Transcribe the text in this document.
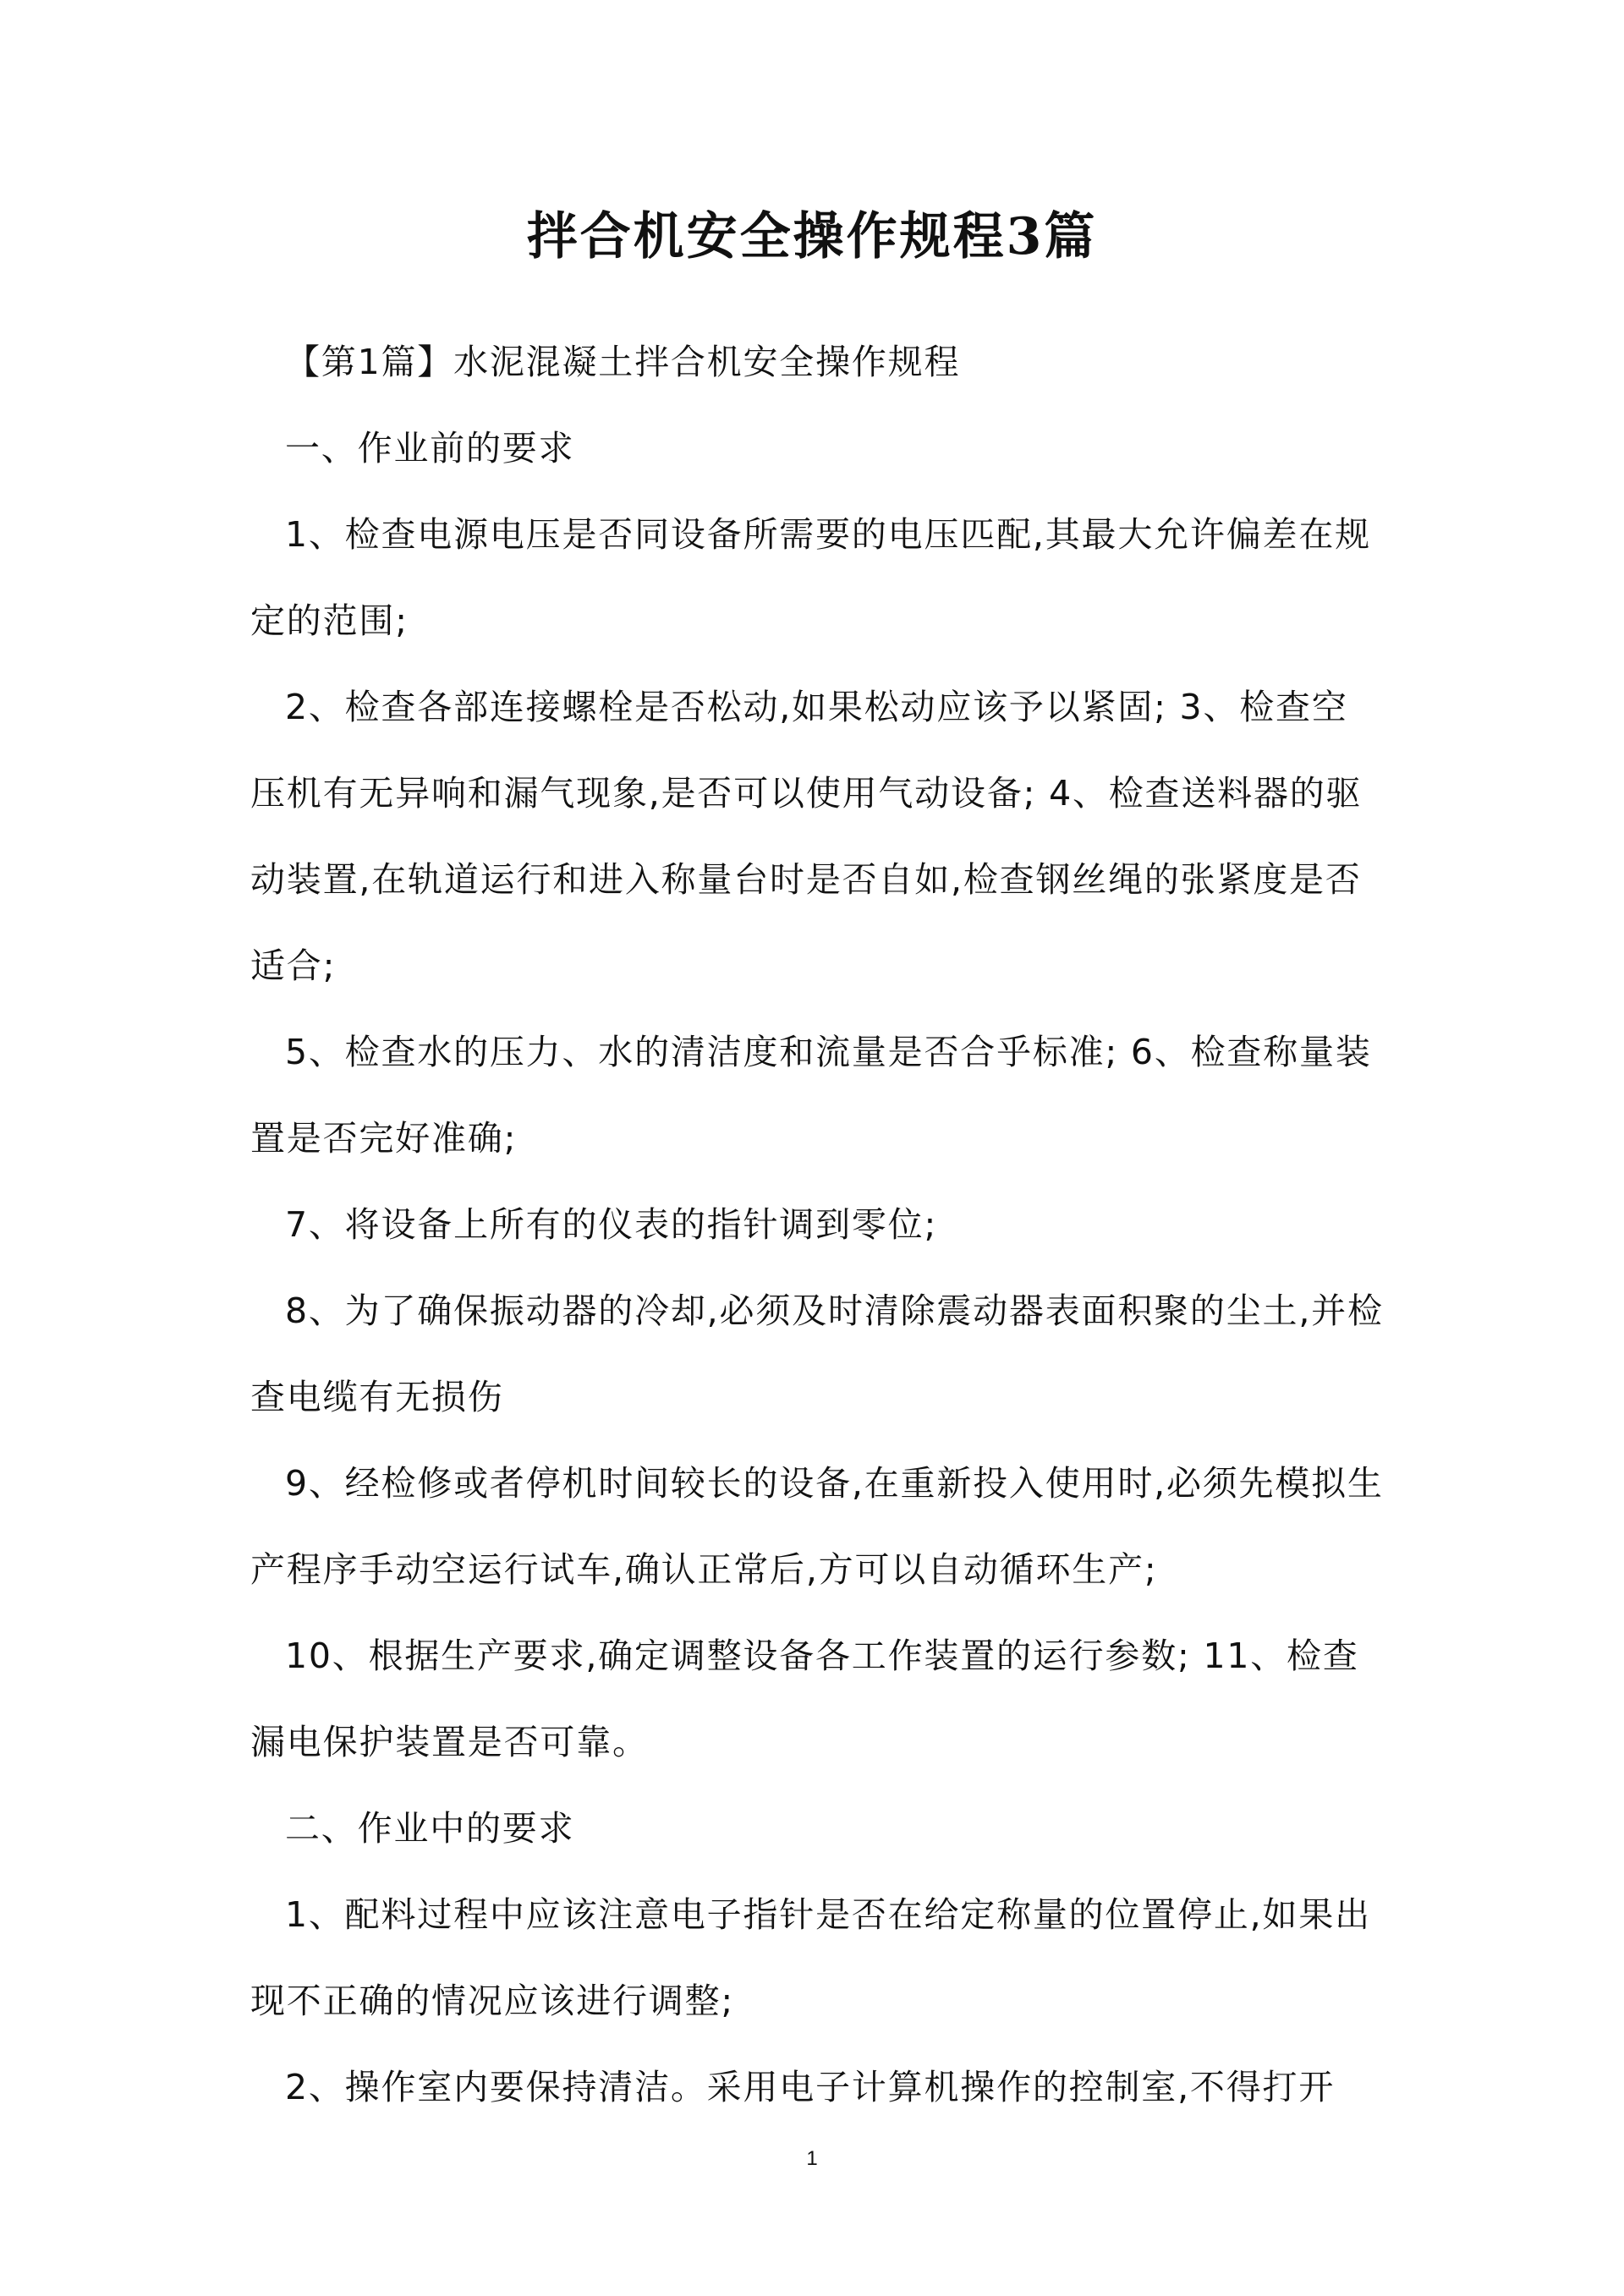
拌合机安全操作规程3篇

【第1篇】水泥混凝土拌合机安全操作规程

一、作业前的要求

1、检查电源电压是否同设备所需要的电压匹配,其最大允许偏差在规定的范围;

2、检查各部连接螺栓是否松动,如果松动应该予以紧固; 3、检查空压机有无异响和漏气现象,是否可以使用气动设备; 4、检查送料器的驱动装置,在轨道运行和进入称量台时是否自如,检查钢丝绳的张紧度是否适合;

5、检查水的压力、水的清洁度和流量是否合乎标准; 6、检查称量装置是否完好准确;

7、将设备上所有的仪表的指针调到零位;

8、为了确保振动器的冷却,必须及时清除震动器表面积聚的尘土,并检查电缆有无损伤

9、经检修或者停机时间较长的设备,在重新投入使用时,必须先模拟生产程序手动空运行试车,确认正常后,方可以自动循环生产;

10、根据生产要求,确定调整设备各工作装置的运行参数; 11、检查漏电保护装置是否可靠。

二、作业中的要求

1、配料过程中应该注意电子指针是否在给定称量的位置停止,如果出现不正确的情况应该进行调整;

2、操作室内要保持清洁。采用电子计算机操作的控制室,不得打开

1
